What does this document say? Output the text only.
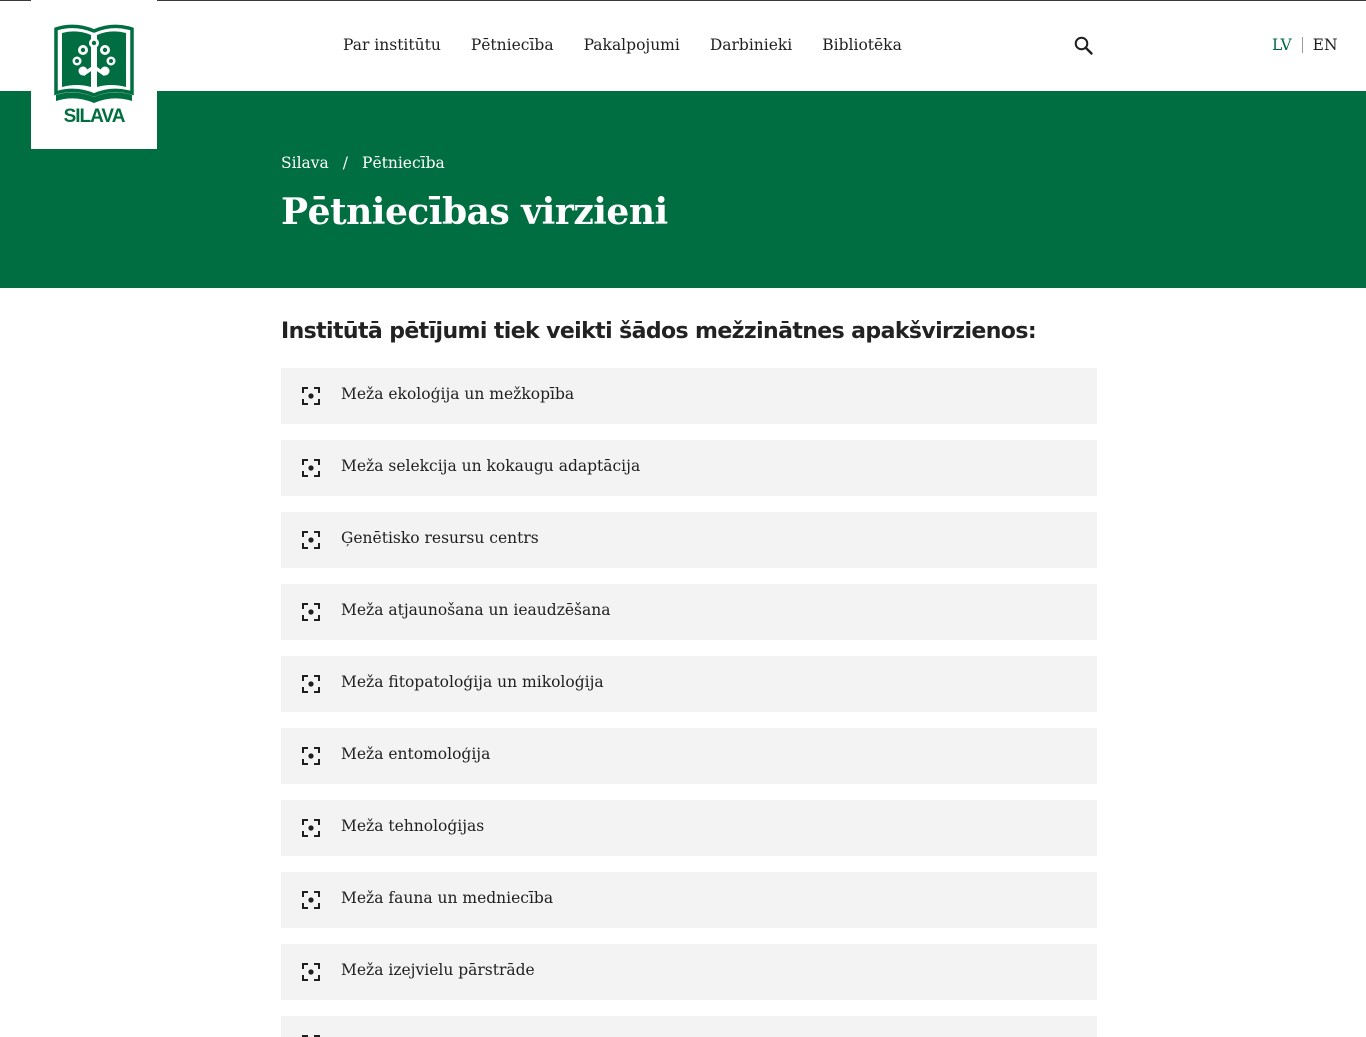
Par institūtu Pētniecība Pakalpojumi Darbinieki Bibliotēka	LV EN
SILAVA
Silava / Pētniecība
Pētniecības virzieni
Institūtā pētījumi tiek veikti šādos mežzinātnes apakšvirzienos:
Meža ekoloģija un mežkopība
Meža selekcija un kokaugu adaptācija
Ģenētisko resursu centrs
Meža atjaunošana un ieaudzēšana
Meža fitopatoloģija un mikoloģija
Meža entomoloģija
Meža tehnoloģijas
Meža fauna un medniecība
Meža izejvielu pārstrāde
